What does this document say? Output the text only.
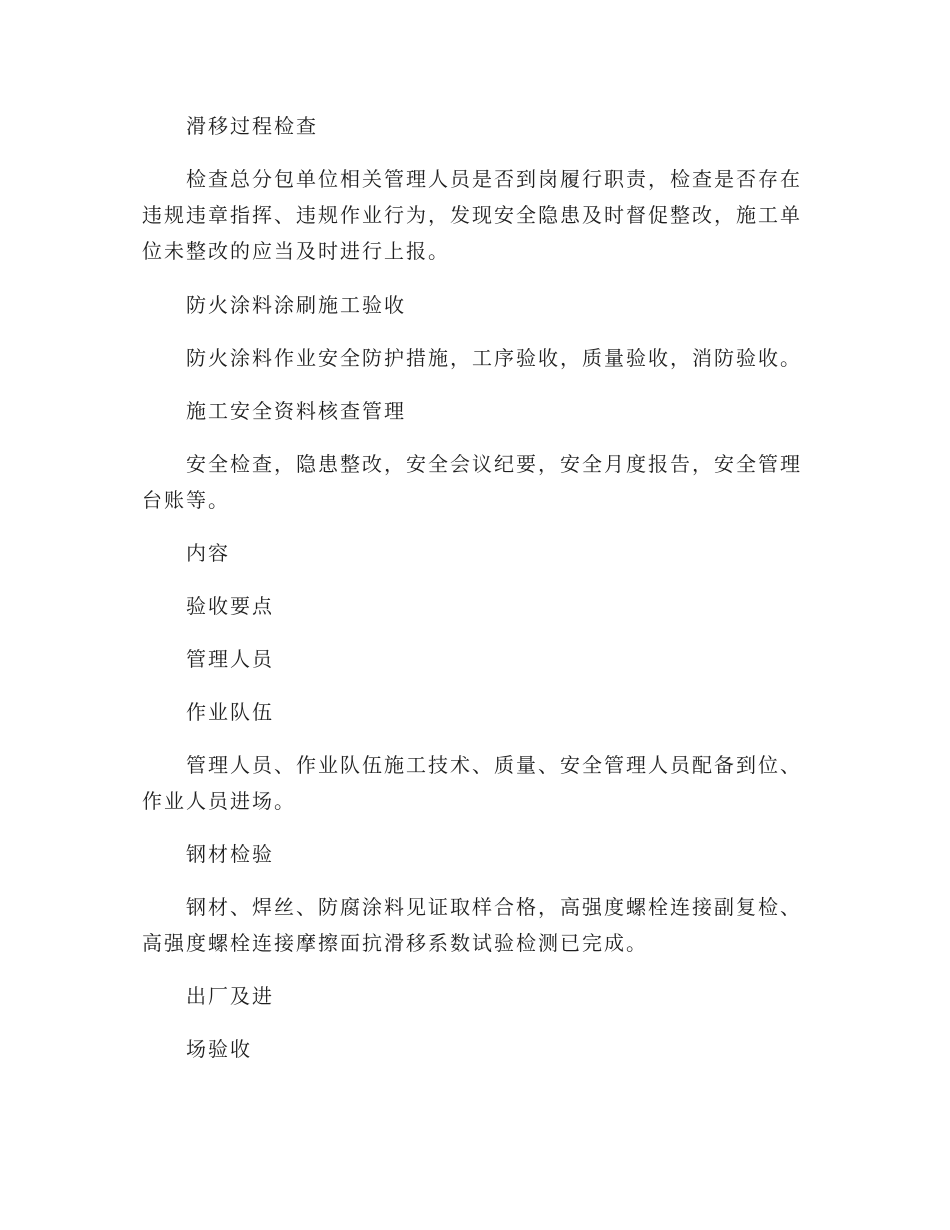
滑移过程检查

检查总分包单位相关管理人员是否到岗履行职责，检查是否存在违规违章指挥、违规作业行为，发现安全隐患及时督促整改，施工单位未整改的应当及时进行上报。

防火涂料涂刷施工验收

防火涂料作业安全防护措施，工序验收，质量验收，消防验收。

施工安全资料核查管理

安全检查，隐患整改，安全会议纪要，安全月度报告，安全管理台账等。

内容

验收要点

管理人员

作业队伍

管理人员、作业队伍施工技术、质量、安全管理人员配备到位、作业人员进场。

钢材检验

钢材、焊丝、防腐涂料见证取样合格，高强度螺栓连接副复检、高强度螺栓连接摩擦面抗滑移系数试验检测已完成。

出厂及进

场验收
